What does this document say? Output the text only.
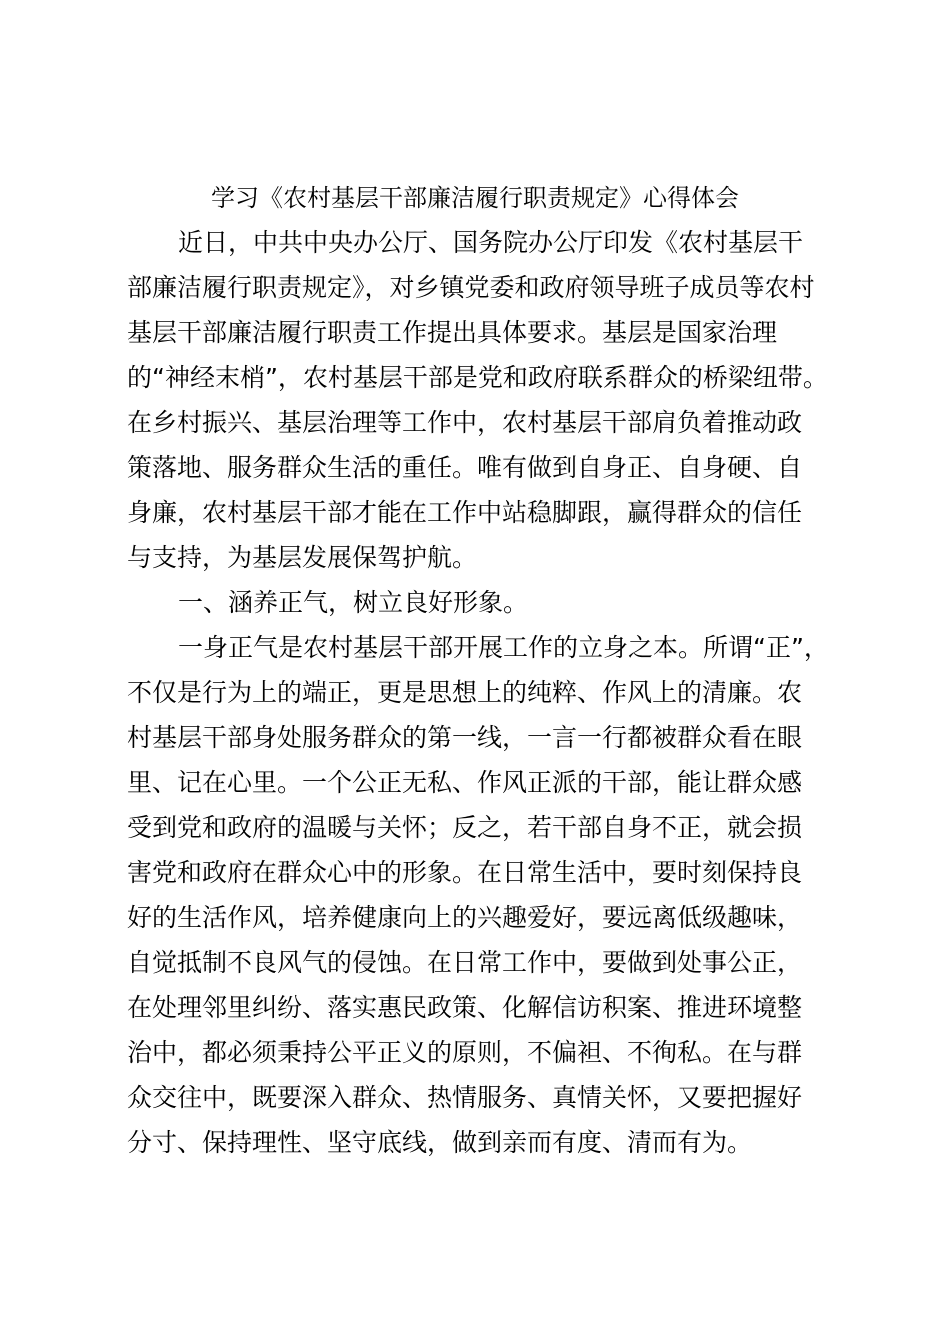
学习《农村基层干部廉洁履行职责规定》心得体会
近日，中共中央办公厅、国务院办公厅印发《农村基层干
部廉洁履行职责规定》，对乡镇党委和政府领导班子成员等农村
基层干部廉洁履行职责工作提出具体要求。基层是国家治理
的“神经末梢”，农村基层干部是党和政府联系群众的桥梁纽带。
在乡村振兴、基层治理等工作中，农村基层干部肩负着推动政
策落地、服务群众生活的重任。唯有做到自身正、自身硬、自
身廉，农村基层干部才能在工作中站稳脚跟，赢得群众的信任
与支持，为基层发展保驾护航。
一、涵养正气，树立良好形象。
一身正气是农村基层干部开展工作的立身之本。所谓“正”，
不仅是行为上的端正，更是思想上的纯粹、作风上的清廉。农
村基层干部身处服务群众的第一线，一言一行都被群众看在眼
里、记在心里。一个公正无私、作风正派的干部，能让群众感
受到党和政府的温暖与关怀；反之，若干部自身不正，就会损
害党和政府在群众心中的形象。在日常生活中，要时刻保持良
好的生活作风，培养健康向上的兴趣爱好，要远离低级趣味，
自觉抵制不良风气的侵蚀。在日常工作中，要做到处事公正，
在处理邻里纠纷、落实惠民政策、化解信访积案、推进环境整
治中，都必须秉持公平正义的原则，不偏袒、不徇私。在与群
众交往中，既要深入群众、热情服务、真情关怀，又要把握好
分寸、保持理性、坚守底线，做到亲而有度、清而有为。
